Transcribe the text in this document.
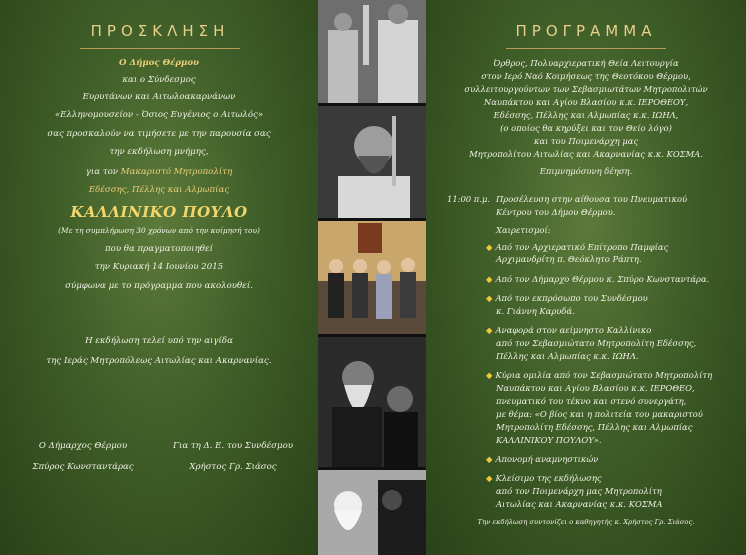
ΠΡΟΣΚΛΗΣΗ
Ο Δήμος Θέρμου
και ο Σύνδεσμος
Ευρυτάνων και Αιτωλοακαρνάνων
«Ελληνομουσείον - Όσιος Ευγένιος ο Αιτωλός»
σας προσκαλούν να τιμήσετε με την παρουσία σας
την εκδήλωση μνήμης,
για τον Μακαριστό Μητροπολίτη
Εδέσσης, Πέλλης και Αλμωπίας
ΚΑΛΛΙΝΙΚΟ ΠΟΥΛΟ
(Με τη συμπλήρωση 30 χρόνων από την κοίμησή του)
που θα πραγματοποιηθεί
την Κυριακή 14 Ιουνίου 2015
σύμφωνα με το πρόγραμμα που ακολουθεί.
Η εκδήλωση τελεί υπό την αιγίδα
της Ιεράς Μητροπόλεως Αιτωλίας και Ακαρνανίας.
Ο Δήμαρχος Θέρμου
Σπύρος Κωνσταντάρας
Για τη Δ. Ε. του Συνδέσμου
Χρήστος Γρ. Σιάσος
ΠΡΟΓΡΑΜΜΑ
Όρθρος, Πολυαρχιερατική Θεία Λειτουργία
στον Ιερό Ναό Κοιμήσεως της Θεοτόκου Θέρμου,
συλλειτουργούντων των Σεβασμιωτάτων Μητροπολιτών
Ναυπάκτου και Αγίου Βλασίου κ.κ. ΙΕΡΟΘΕΟΥ,
Εδέσσης, Πέλλης και Αλμωπίας κ.κ. ΙΩΗΛ,
(ο οποίος θα κηρύξει και τον Θείο λόγο)
και του Ποιμενάρχη μας
Μητροπολίτου Αιτωλίας και Ακαρνανίας κ.κ. ΚΟΣΜΑ.
Επιμνημόσυνη δέηση.
11:00 π.μ. Προσέλευση στην αίθουσα του Πνευματικού
Κέντρου του Δήμου Θέρμου.
Χαιρετισμοί:
◆ Από τον Αρχιερατικό Επίτροπο Παμφίας
Αρχιμανδρίτη π. Θεόκλητο Ράπτη.
◆ Από τον Δήμαρχο Θέρμου κ. Σπύρο Κωνσταντάρα.
◆ Από τον εκπρόσωπο του Συνδέσμου
κ. Γιάννη Καρυδά.
◆ Αναφορά στον αείμνηστο Καλλίνικο
από τον Σεβασμιώτατο Μητροπολίτη Εδέσσης,
Πέλλης και Αλμωπίας κ.κ. ΙΩΗΛ.
◆ Κύρια ομιλία από τον Σεβασμιώτατο Μητροπολίτη
Ναυπάκτου και Αγίου Βλασίου κ.κ. ΙΕΡΟΘΕΟ,
πνευματικό του τέκνο και στενό συνεργάτη,
με θέμα: «Ο βίος και η πολιτεία του μακαριστού
Μητροπολίτη Εδέσσης, Πέλλης και Αλμωπίας
ΚΑΛΛΙΝΙΚΟΥ ΠΟΥΛΟΥ».
◆ Απονομή αναμνηστικών
◆ Κλείσιμο της εκδήλωσης
από τον Ποιμενάρχη μας Μητροπολίτη
Αιτωλίας και Ακαρνανίας κ.κ. ΚΟΣΜΑ
Την εκδήλωση συντονίζει ο καθηγητής κ. Χρήστος Γρ. Σιάσος.
